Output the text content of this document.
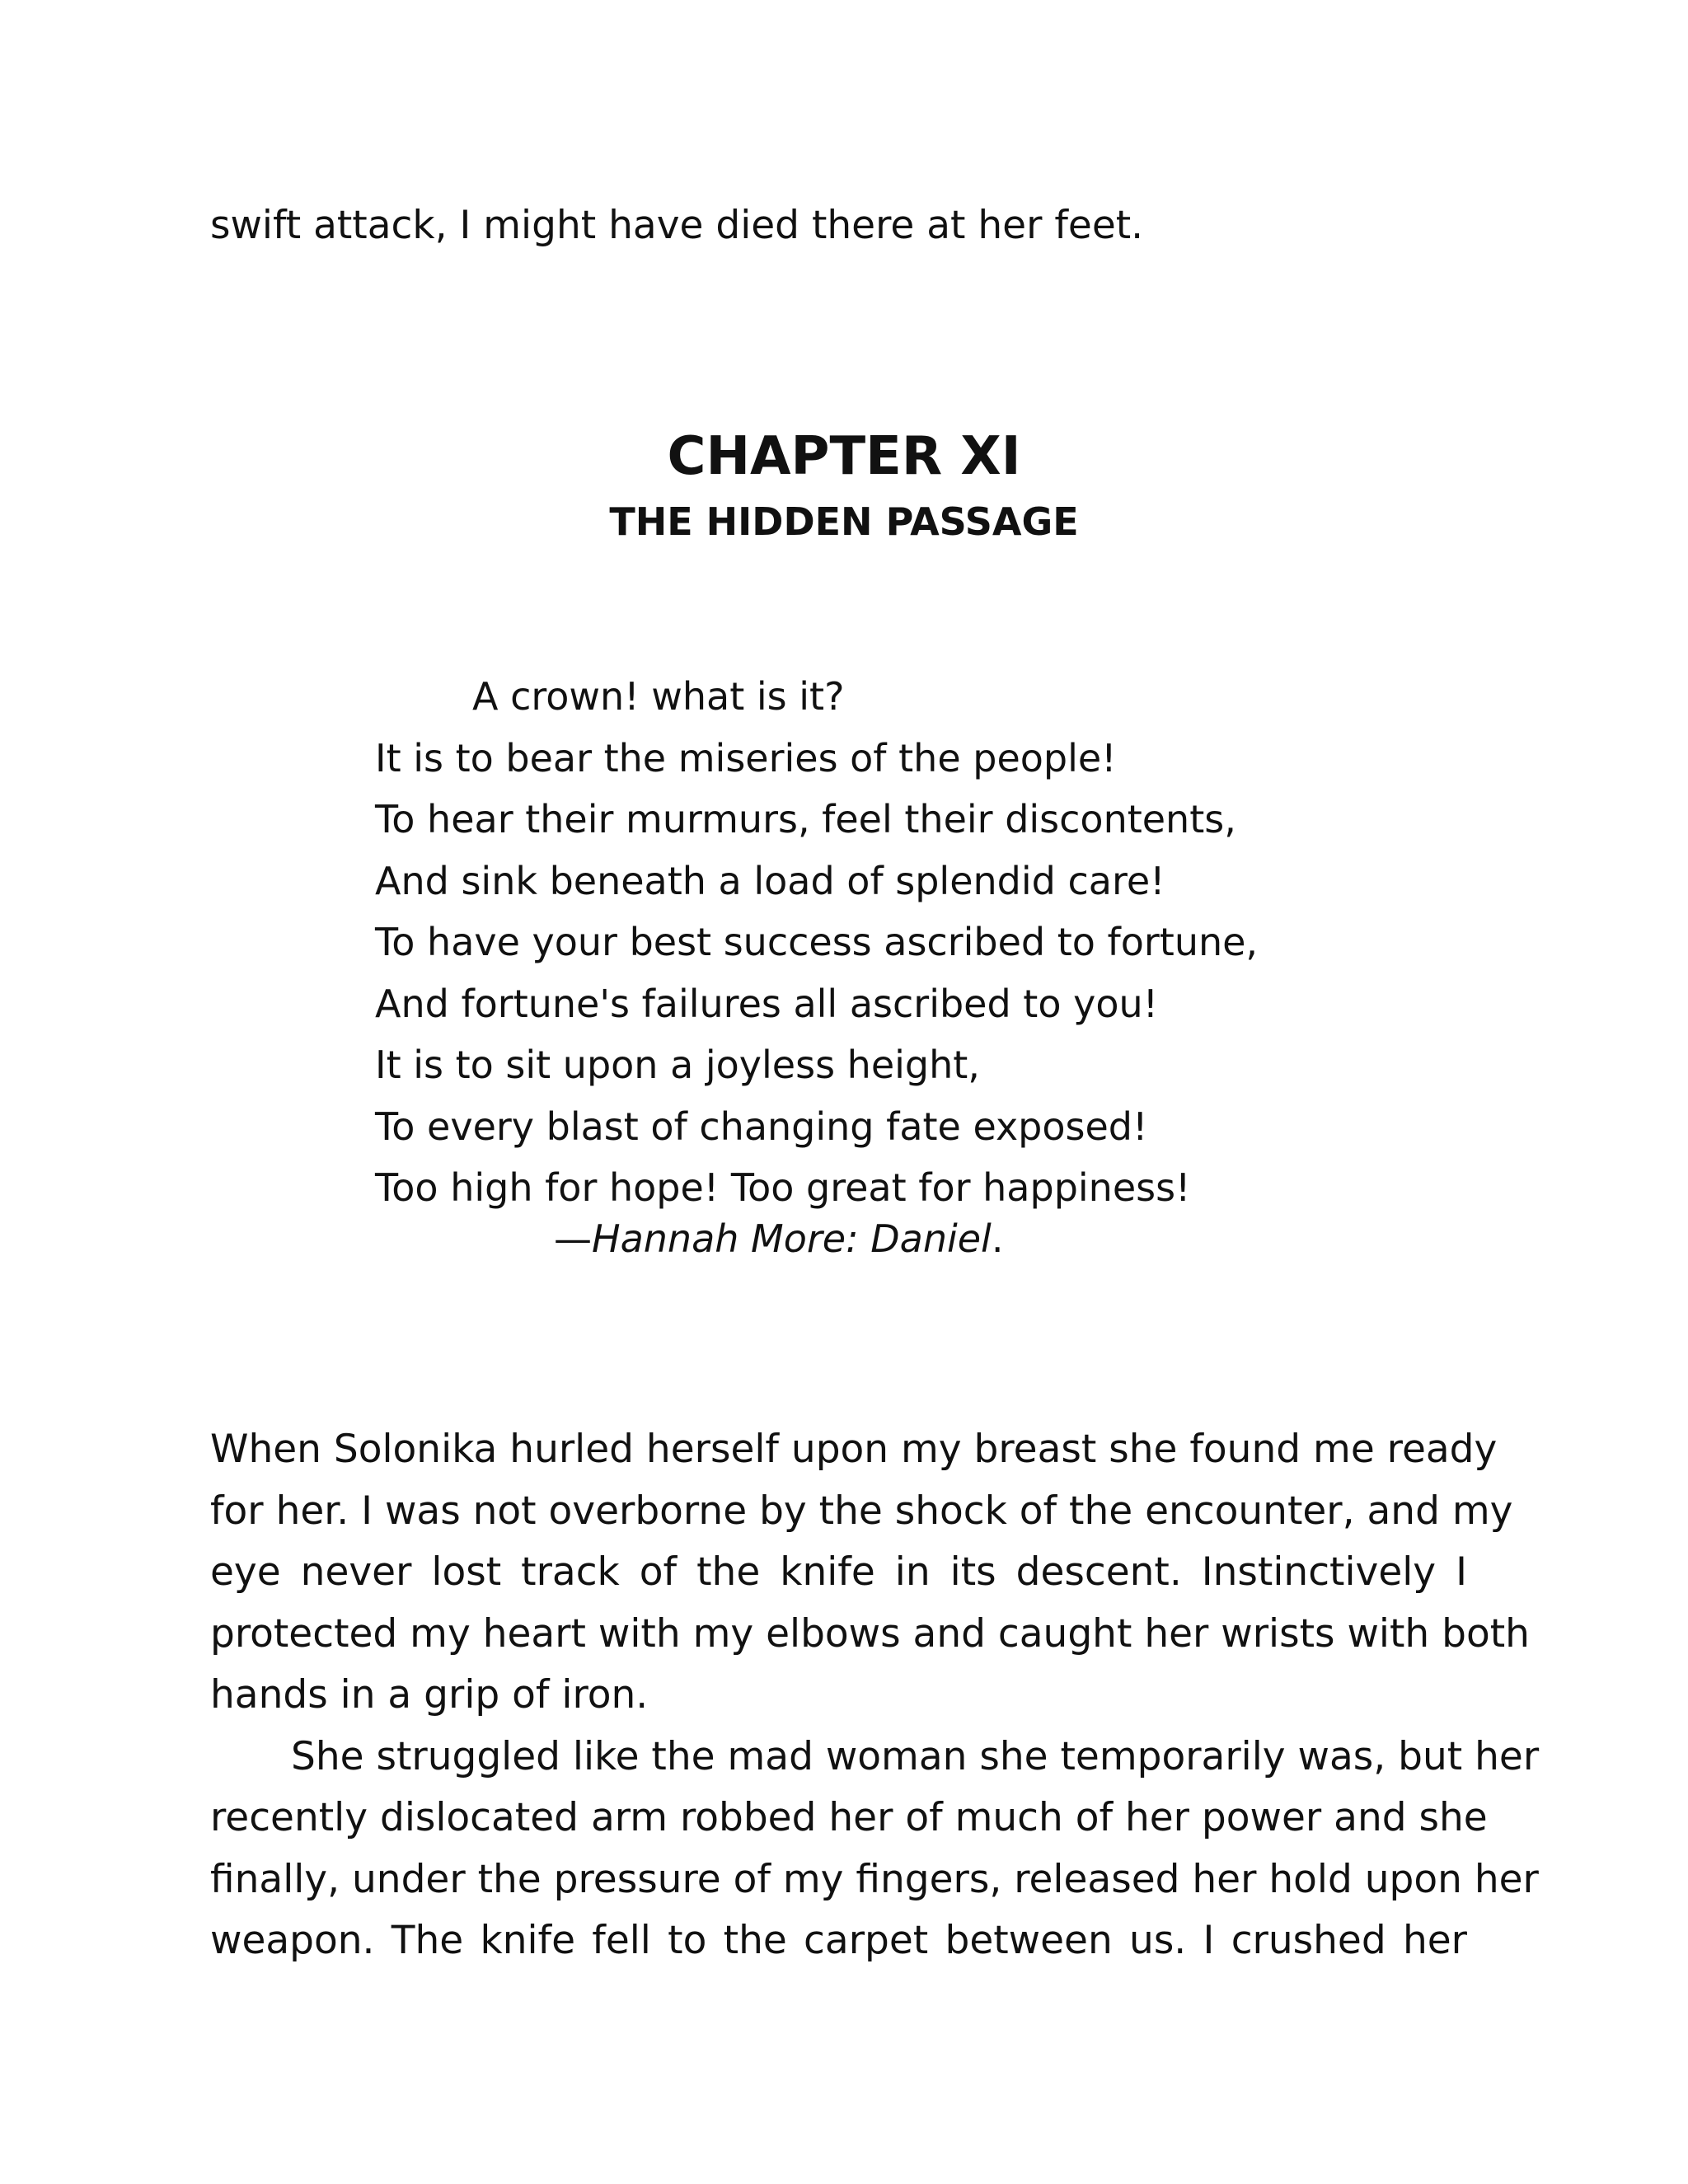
swift attack, I might have died there at her feet.

CHAPTER XI
THE HIDDEN PASSAGE
A crown! what is it?
It is to bear the miseries of the people!
To hear their murmurs, feel their discontents,
And sink beneath a load of splendid care!
To have your best success ascribed to fortune,
And fortune's failures all ascribed to you!
It is to sit upon a joyless height,
To every blast of changing fate exposed!
Too high for hope! Too great for happiness!
—Hannah More: Daniel.
When Solonika hurled herself upon my breast she found me ready
for her. I was not overborne by the shock of the encounter, and my
eye never lost track of the knife in its descent. Instinctively I
protected my heart with my elbows and caught her wrists with both
hands in a grip of iron.
She struggled like the mad woman she temporarily was, but her
recently dislocated arm robbed her of much of her power and she
finally, under the pressure of my fingers, released her hold upon her
weapon. The knife fell to the carpet between us. I crushed her
